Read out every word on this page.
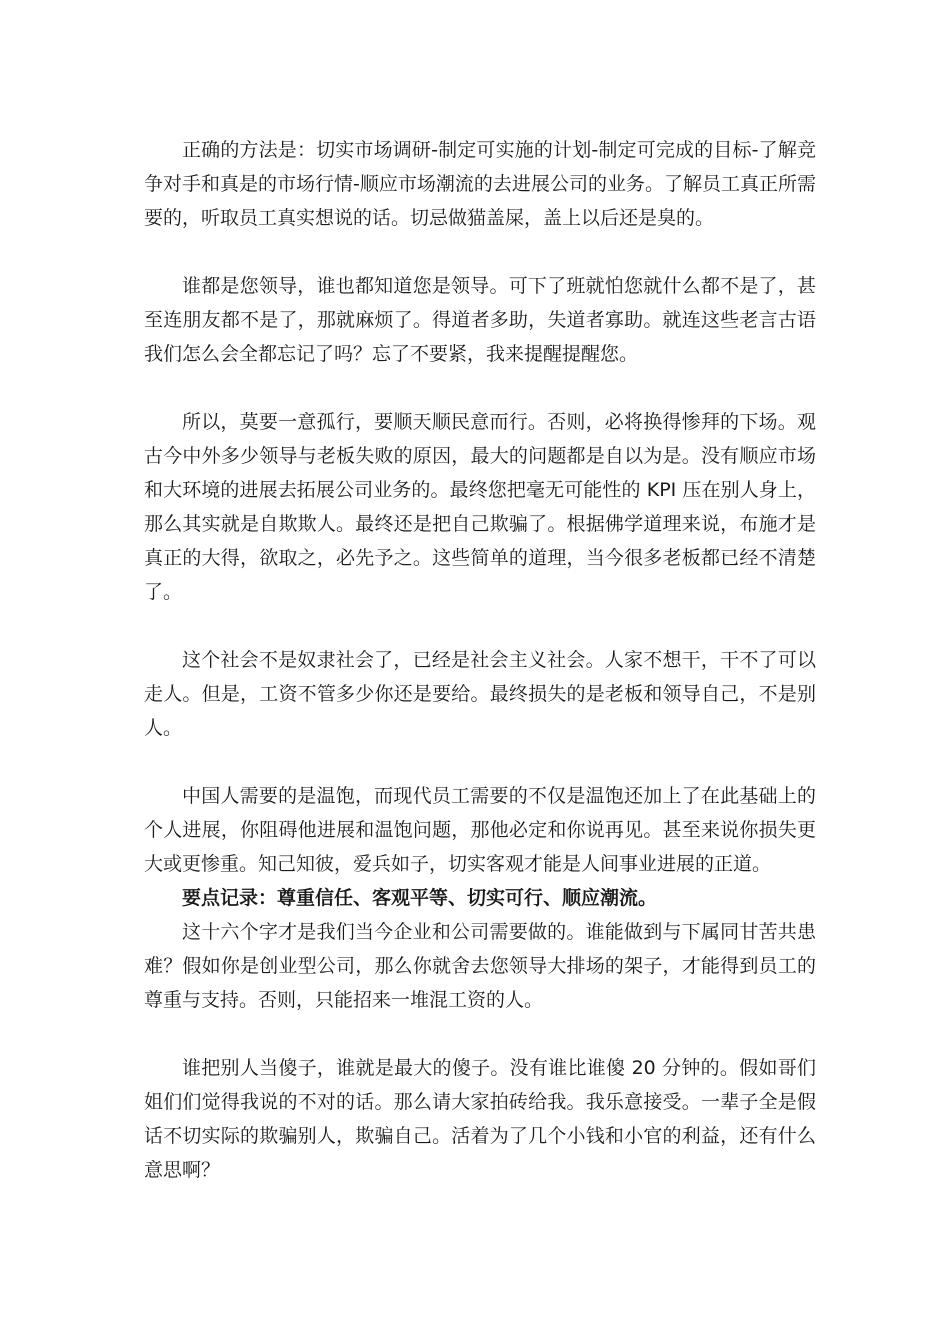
正确的方法是：切实市场调研-制定可实施的计划-制定可完成的目标-了解竞争对手和真是的市场行情-顺应市场潮流的去进展公司的业务。了解员工真正所需要的，听取员工真实想说的话。切忌做猫盖屎，盖上以后还是臭的。

谁都是您领导，谁也都知道您是领导。可下了班就怕您就什么都不是了，甚至连朋友都不是了，那就麻烦了。得道者多助，失道者寡助。就连这些老言古语我们怎么会全都忘记了吗？忘了不要紧，我来提醒提醒您。

所以，莫要一意孤行，要顺天顺民意而行。否则，必将换得惨拜的下场。观古今中外多少领导与老板失败的原因，最大的问题都是自以为是。没有顺应市场和大环境的进展去拓展公司业务的。最终您把毫无可能性的 KPI 压在别人身上，那么其实就是自欺欺人。最终还是把自己欺骗了。根据佛学道理来说，布施才是真正的大得，欲取之，必先予之。这些简单的道理，当今很多老板都已经不清楚了。

这个社会不是奴隶社会了，已经是社会主义社会。人家不想干，干不了可以走人。但是，工资不管多少你还是要给。最终损失的是老板和领导自己，不是别人。

中国人需要的是温饱，而现代员工需要的不仅是温饱还加上了在此基础上的个人进展，你阻碍他进展和温饱问题，那他必定和你说再见。甚至来说你损失更大或更惨重。知己知彼，爱兵如子，切实客观才能是人间事业进展的正道。

要点记录：尊重信任、客观平等、切实可行、顺应潮流。

这十六个字才是我们当今企业和公司需要做的。谁能做到与下属同甘苦共患难？假如你是创业型公司，那么你就舍去您领导大排场的架子，才能得到员工的尊重与支持。否则，只能招来一堆混工资的人。

谁把别人当傻子，谁就是最大的傻子。没有谁比谁傻 20 分钟的。假如哥们姐们们觉得我说的不对的话。那么请大家拍砖给我。我乐意接受。一辈子全是假话不切实际的欺骗别人，欺骗自己。活着为了几个小钱和小官的利益，还有什么意思啊？
